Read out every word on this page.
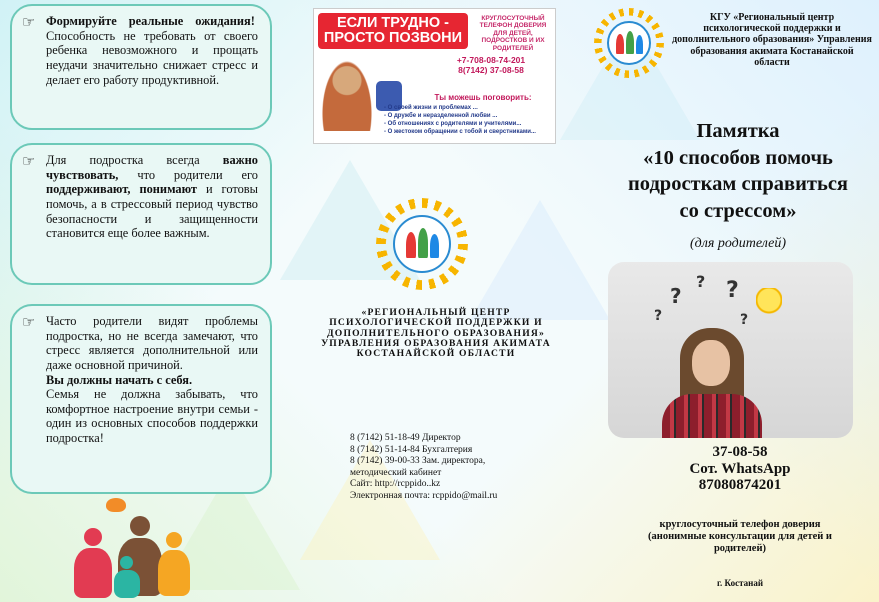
☞ Формируйте реальные ожидания!  Способность не требовать от своего ребенка невозможного и прощать неудачи значительно снижает стресс и делает его работу продуктивной.

☞ Для подростка всегда важно чувствовать, что родители его поддерживают, понимают и готовы помочь, а в стрессовый период чувство безопасности и защищенности становится еще более важным.

☞ Часто родители видят проблемы подростка, но не всегда замечают, что стресс является дополнительной или даже основной причиной.

Вы должны начать с себя.

Семья не должна забывать, что комфортное настроение внутри семьи - один из основных способов поддержки подростка!

ЕСЛИ ТРУДНО - ПРОСТО ПОЗВОНИ
КРУГЛОСУТОЧНЫЙ ТЕЛЕФОН ДОВЕРИЯ ДЛЯ ДЕТЕЙ, ПОДРОСТКОВ И ИХ РОДИТЕЛЕЙ
+7-708-08-74-201
8(7142) 37-08-58
Ты можешь поговорить:
- О своей жизни и проблемах ...
- О дружбе и неразделенной любви ...
- Об отношениях с родителями и учителями...
- О жестоком обращении с тобой и сверстниками...
«РЕГИОНАЛЬНЫЙ ЦЕНТР ПСИХОЛОГИЧЕСКОЙ ПОДДЕРЖКИ И ДОПОЛНИТЕЛЬНОГО ОБРАЗОВАНИЯ» УПРАВЛЕНИЯ ОБРАЗОВАНИЯ АКИМАТА КОСТАНАЙСКОЙ ОБЛАСТИ
8 (7142) 51-18-49 Директор
8 (7142) 51-14-84 Бухгалтерия
8 (7142) 39-00-33 Зам. директора,
методический кабинет
Сайт: http://rcppido..kz
Электронная почта: rcppido@mail.ru
КГУ «Региональный центр психологической поддержки и дополнительного образования» Управления образования акимата Костанайской области
Памятка
«10 способов помочь
подросткам справиться
со стрессом»
(для родителей)
?
? ?
?	?
37-08-58
Сот. WhatsApp
87080874201
круглосуточный телефон доверия (анонимные консультации для детей и родителей)
г. Костанай
